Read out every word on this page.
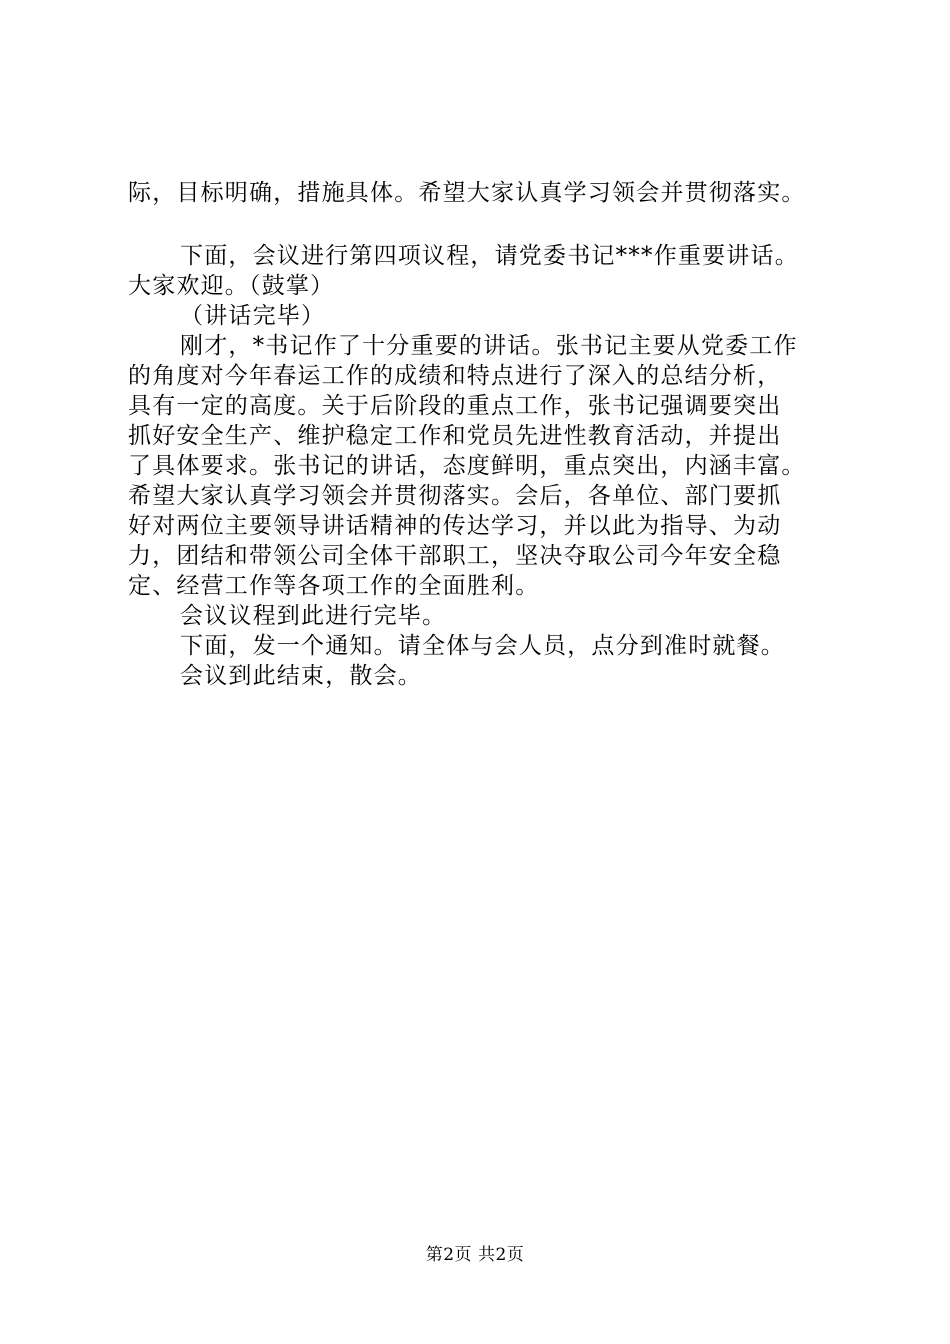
际，目标明确，措施具体。希望大家认真学习领会并贯彻落实。
下面，会议进行第四项议程，请党委书记***作重要讲话。
大家欢迎。（鼓掌）
（讲话完毕）
刚才，*书记作了十分重要的讲话。张书记主要从党委工作
的角度对今年春运工作的成绩和特点进行了深入的总结分析，
具有一定的高度。关于后阶段的重点工作，张书记强调要突出
抓好安全生产、维护稳定工作和党员先进性教育活动，并提出
了具体要求。张书记的讲话，态度鲜明，重点突出，内涵丰富。
希望大家认真学习领会并贯彻落实。会后，各单位、部门要抓
好对两位主要领导讲话精神的传达学习，并以此为指导、为动
力，团结和带领公司全体干部职工，坚决夺取公司今年安全稳
定、经营工作等各项工作的全面胜利。
会议议程到此进行完毕。
下面，发一个通知。请全体与会人员，点分到准时就餐。
会议到此结束，散会。
第2页 共2页
